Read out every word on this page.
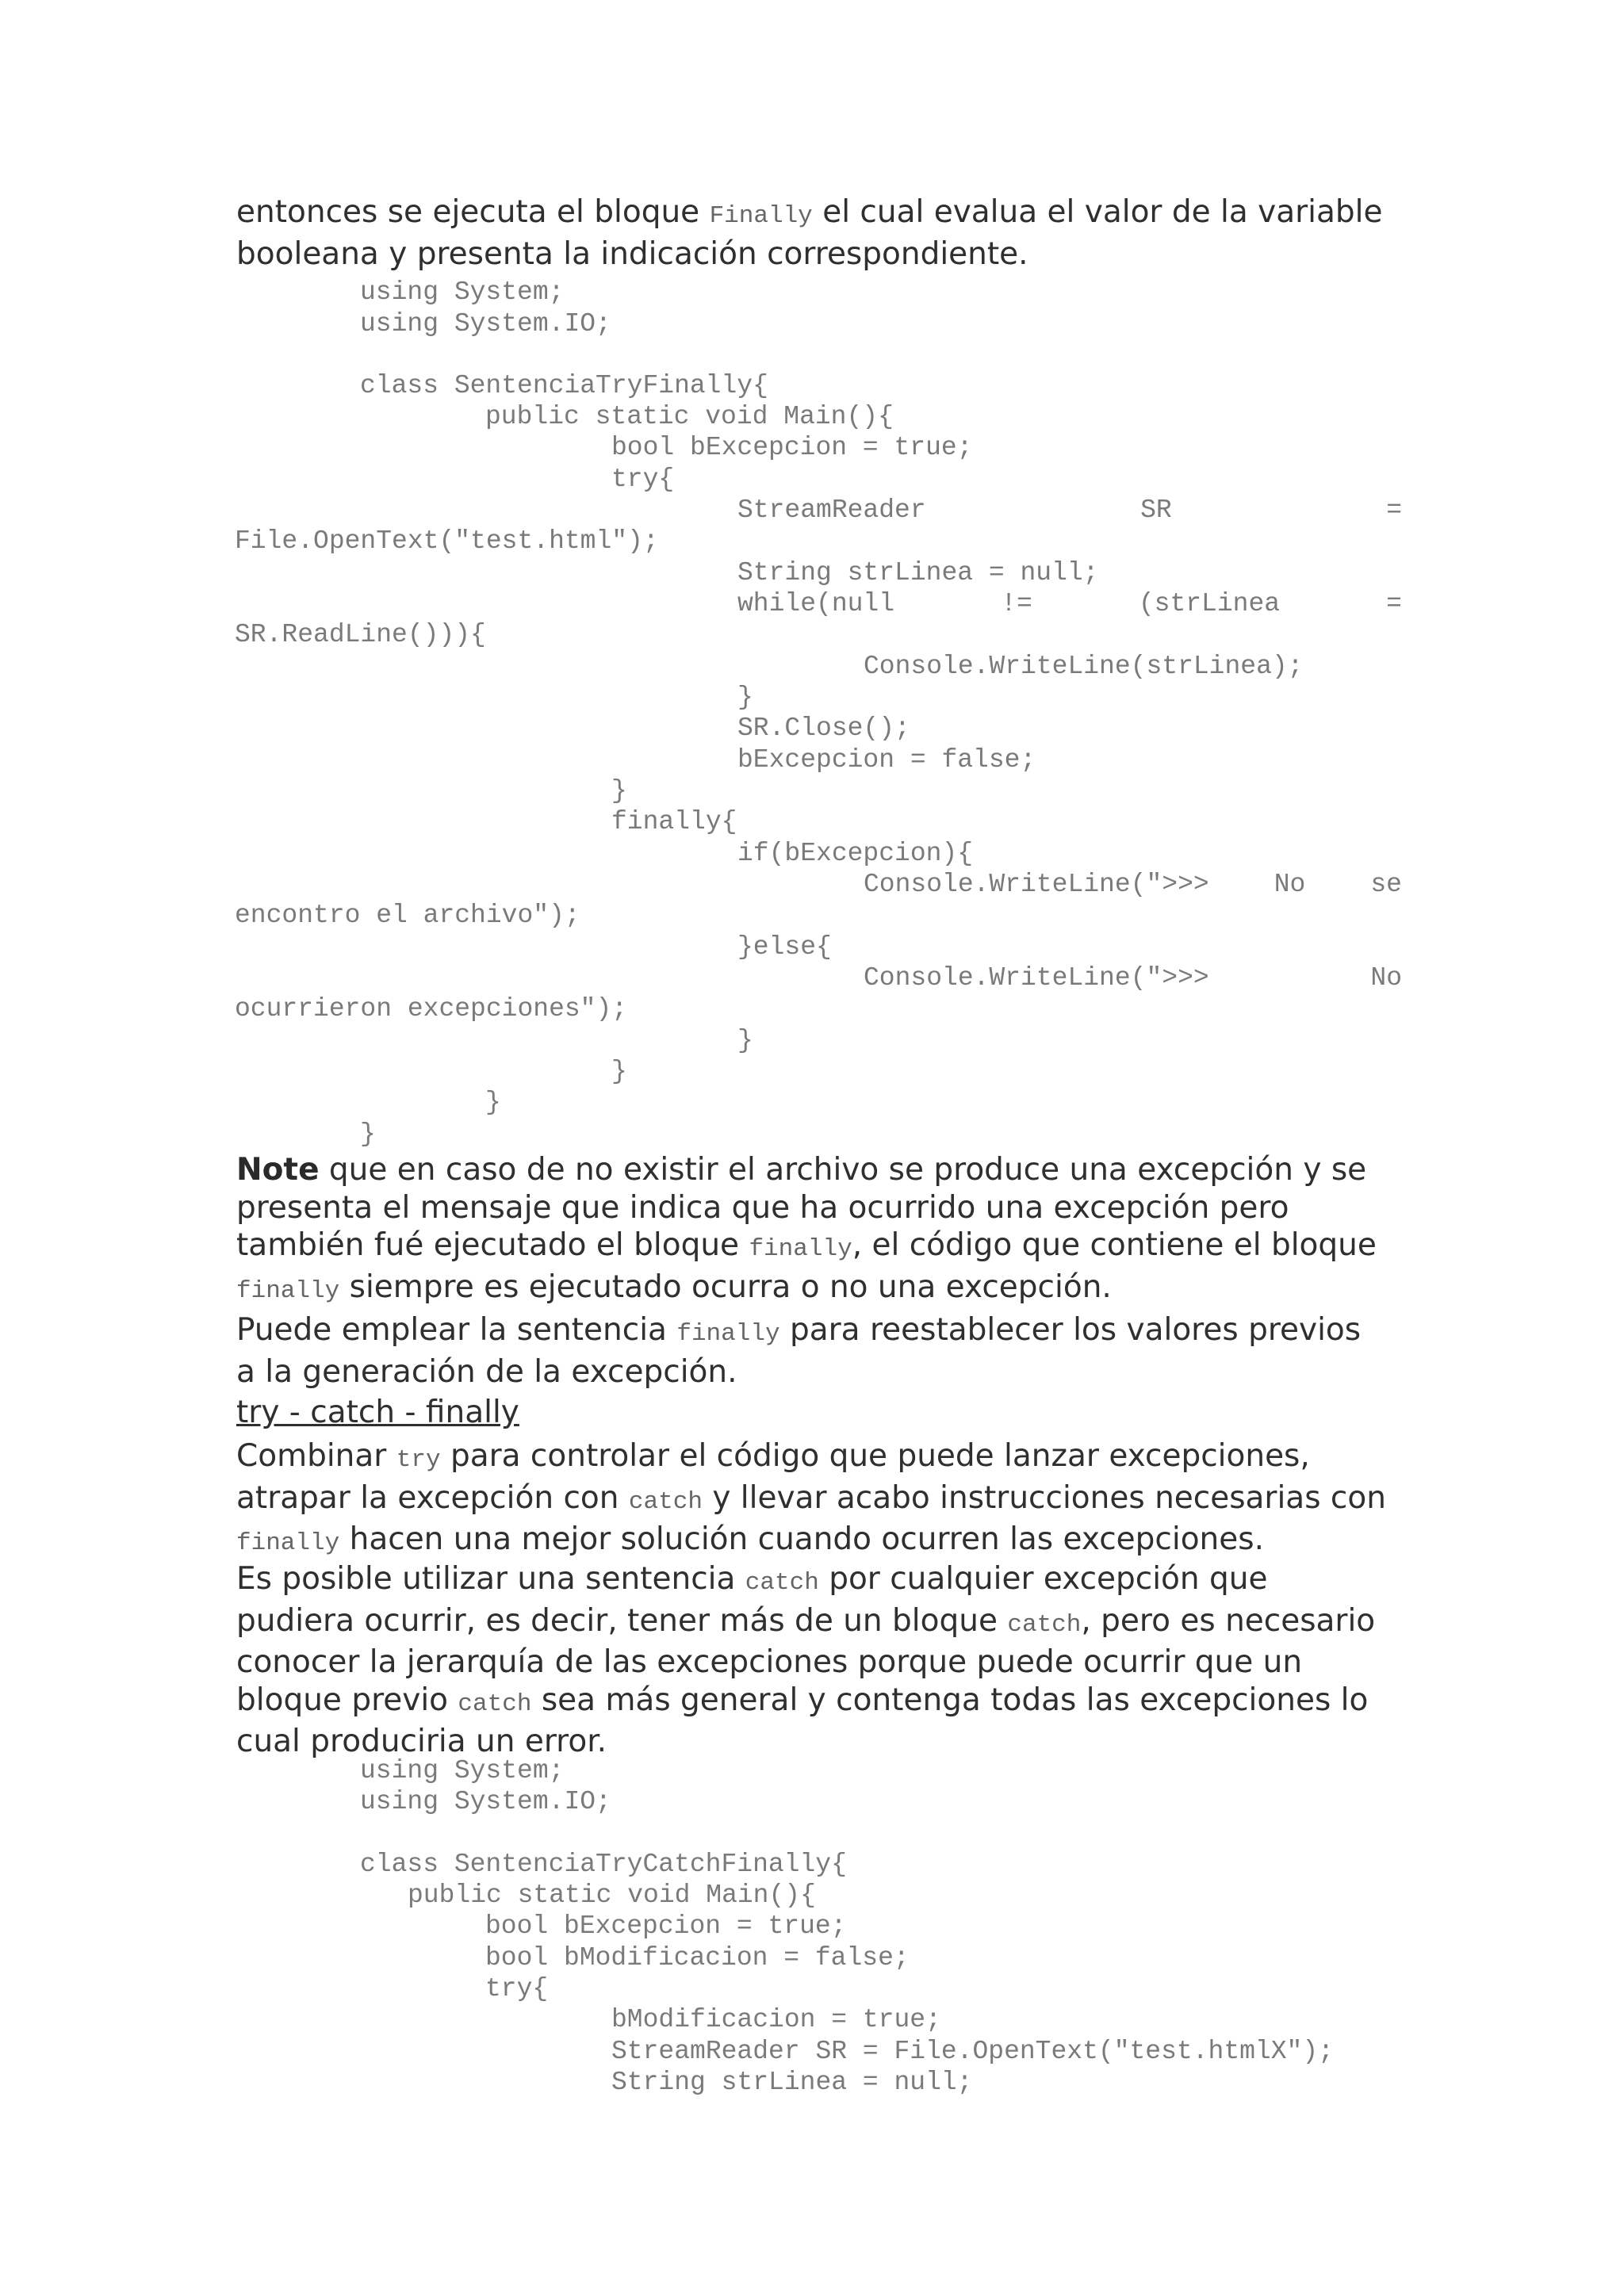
entonces se ejecuta el bloque Finally el cual evalua el valor de la variable
booleana y presenta la indicación correspondiente.
using System;
using System.IO;
class SentenciaTryFinally{
public static void Main(){
bool bExcepcion = true;
try{
StreamReader	SR	=
File.OpenText("test.html");
String strLinea = null;
while(null	!=	(strLinea	=
SR.ReadLine())){
Console.WriteLine(strLinea);
}
SR.Close();
bExcepcion = false;
}
finally{
if(bExcepcion){
Console.WriteLine(">>> No se
encontro el archivo");
}else{
Console.WriteLine(">>>	No
ocurrieron excepciones");
}
}
}
}
Note que en caso de no existir el archivo se produce una excepción y se
presenta el mensaje que indica que ha ocurrido una excepción pero
también fué ejecutado el bloque finally, el código que contiene el bloque
finally siempre es ejecutado ocurra o no una excepción.
Puede emplear la sentencia finally para reestablecer los valores previos
a la generación de la excepción.
try - catch - finally
Combinar try para controlar el código que puede lanzar excepciones,
atrapar la excepción con catch y llevar acabo instrucciones necesarias con
finally hacen una mejor solución cuando ocurren las excepciones.
Es posible utilizar una sentencia catch por cualquier excepción que
pudiera ocurrir, es decir, tener más de un bloque catch, pero es necesario
conocer la jerarquía de las excepciones porque puede ocurrir que un
bloque previo catch sea más general y contenga todas las excepciones lo
cual produciria un error.
using System;
using System.IO;
class SentenciaTryCatchFinally{
public static void Main(){
bool bExcepcion = true;
bool bModificacion = false;
try{
bModificacion = true;
StreamReader SR = File.OpenText("test.htmlX");
String strLinea = null;
